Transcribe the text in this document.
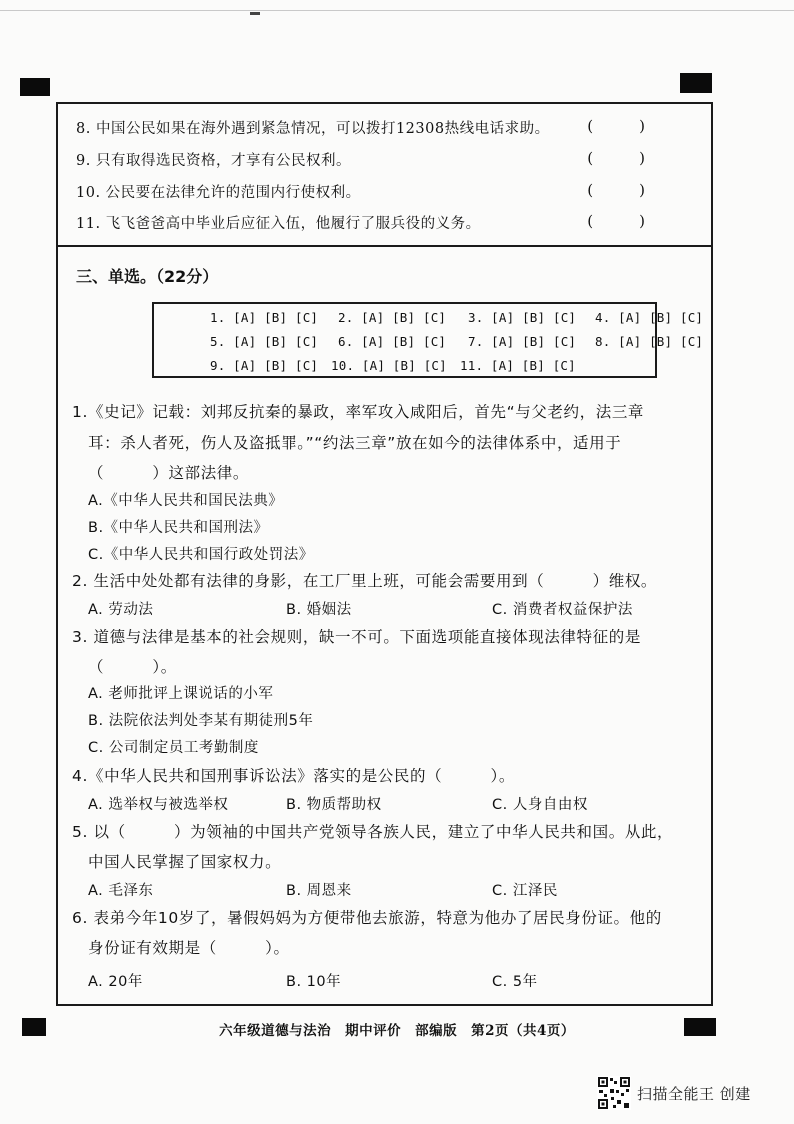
8. 中国公民如果在海外遇到紧急情况，可以拨打12308热线电话求助。	()
9. 只有取得选民资格，才享有公民权利。	()
10. 公民要在法律允许的范围内行使权利。	()
11. 飞飞爸爸高中毕业后应征入伍，他履行了服兵役的义务。	()
三、单选。（22分）
1. [A] [B] [C] 2. [A] [B] [C] 3. [A] [B] [C] 4. [A] [B] [C]
5. [A] [B] [C] 6. [A] [B] [C] 7. [A] [B] [C] 8. [A] [B] [C]
9. [A] [B] [C] 10. [A] [B] [C] 11. [A] [B] [C]
1.《史记》记载：刘邦反抗秦的暴政，率军攻入咸阳后，首先“与父老约，法三章
耳：杀人者死，伤人及盗抵罪。”“约法三章”放在如今的法律体系中，适用于
（　　　）这部法律。
A.《中华人民共和国民法典》
B.《中华人民共和国刑法》
C.《中华人民共和国行政处罚法》
2. 生活中处处都有法律的身影，在工厂里上班，可能会需要用到（　　　）维权。
A. 劳动法	B. 婚姻法	C. 消费者权益保护法
3. 道德与法律是基本的社会规则，缺一不可。下面选项能直接体现法律特征的是
（　　　）。
A. 老师批评上课说话的小军
B. 法院依法判处李某有期徒刑5年
C. 公司制定员工考勤制度
4.《中华人民共和国刑事诉讼法》落实的是公民的（　　　）。
A. 选举权与被选举权	B. 物质帮助权	C. 人身自由权
5. 以（　　　）为领袖的中国共产党领导各族人民，建立了中华人民共和国。从此，
中国人民掌握了国家权力。
A. 毛泽东	B. 周恩来	C. 江泽民
6. 表弟今年10岁了，暑假妈妈为方便带他去旅游，特意为他办了居民身份证。他的
身份证有效期是（　　　）。
A. 20年	B. 10年	C. 5年
六年级道德与法治　期中评价　部编版　第2页（共4页）
扫描全能王 创建
